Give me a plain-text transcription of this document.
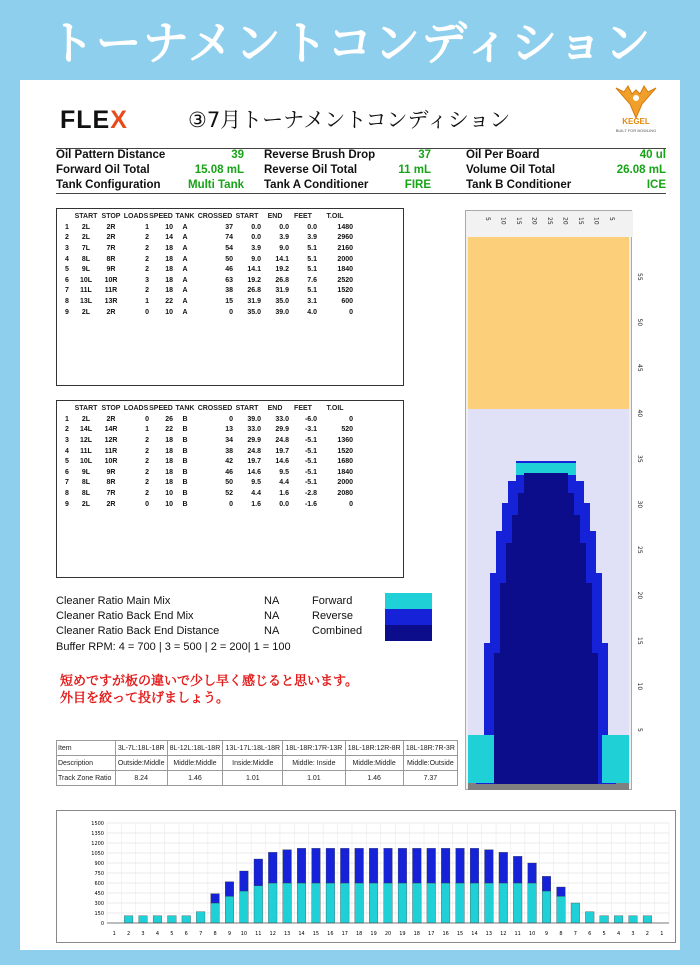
トーナメントコンディション
FLEX	③7月トーナメントコンディション	KEGEL
BUILT FOR BOWLING
Oil Pattern Distance	39 Reverse Brush Drop	37	Oil Per Board	40 ul
Forward Oil Total	15.08 mL Reverse Oil Total	11 mL	Volume Oil Total	26.08 mL
Tank Configuration	Multi Tank Tank A Conditioner	FIRE	Tank B Conditioner	ICE
	START	STOP	LOADS	SPEED	TANK	CROSSED	START	END	FEET	T.OIL
1	2L	2R	1	10	A	37	0.0	0.0	0.0	1480
2	2L	2R	2	14	A	74	0.0	3.9	3.9	2960
3	7L	7R	2	18	A	54	3.9	9.0	5.1	2160
4	8L	8R	2	18	A	50	9.0	14.1	5.1	2000
5	9L	9R	2	18	A	46	14.1	19.2	5.1	1840
6	10L	10R	3	18	A	63	19.2	26.8	7.6	2520
7	11L	11R	2	18	A	38	26.8	31.9	5.1	1520
8	13L	13R	1	22	A	15	31.9	35.0	3.1	600
9	2L	2R	0	10	A	0	35.0	39.0	4.0	0
	START	STOP	LOADS	SPEED	TANK	CROSSED	START	END	FEET	T.OIL
1	2L	2R	0	26	B	0	39.0	33.0	-6.0	0
2	14L	14R	1	22	B	13	33.0	29.9	-3.1	520
3	12L	12R	2	18	B	34	29.9	24.8	-5.1	1360
4	11L	11R	2	18	B	38	24.8	19.7	-5.1	1520
5	10L	10R	2	18	B	42	19.7	14.6	-5.1	1680
6	9L	9R	2	18	B	46	14.6	9.5	-5.1	1840
7	8L	8R	2	18	B	50	9.5	4.4	-5.1	2000
8	8L	7R	2	10	B	52	4.4	1.6	-2.8	2080
9	2L	2R	0	10	B	0	1.6	0.0	-1.6	0
Cleaner Ratio Main Mix	NA
Cleaner Ratio Back End Mix	NA
Cleaner Ratio Back End Distance	NA
Buffer RPM: 4 = 700 | 3 = 500 | 2 = 200| 1 = 100
Forward
Reverse
Combined
短めですが板の違いで少し早く感じると思います。
外目を絞って投げましょう。
Item	3L-7L:18L-18R	8L-12L:18L-18R	13L-17L:18L-18R	18L-18R:17R-13R	18L-18R:12R-8R	18L-18R:7R-3R
Description	Outside:Middle	Middle:Middle	Inside:Middle	Middle: Inside	Middle:Middle	Middle:Outside
Track Zone Ratio	8.24	1.46	1.01	1.01	1.46	7.37
5 10 15 20 25 20 15 10 5
55
50
45
40
35
30
25
20
15
10
5
0
150
300
450
600
750
900
1050
1200
1350
1500
1 2 3 4 5 6 7 8 9 10 11 12 13 14 15 16 17 18 19 20 19 18 17 16 15 14 13 12 11 10 9 8 7 6 5 4 3 2 1
